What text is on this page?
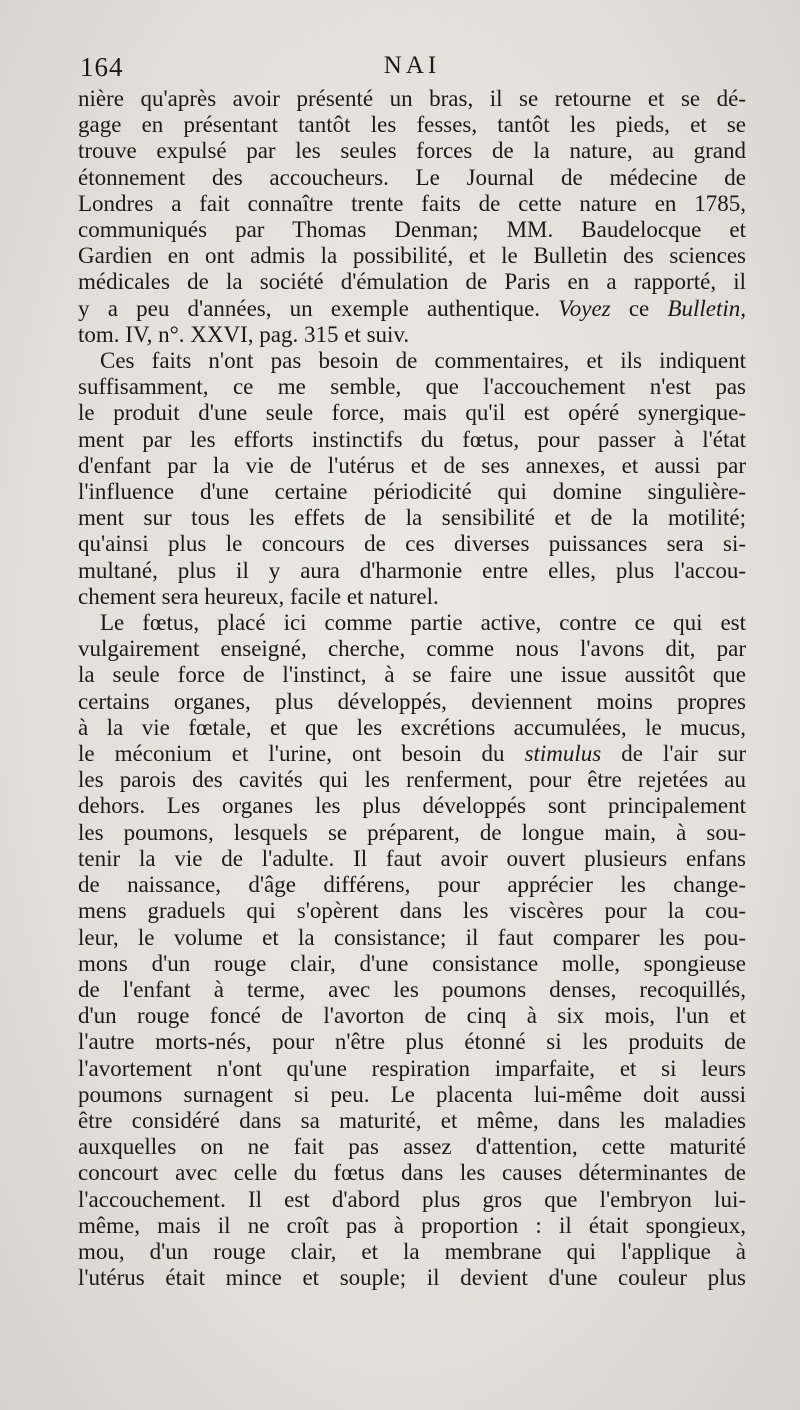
164	NAI

nière qu'après avoir présenté un bras, il se retourne et se dé-
gage en présentant tantôt les fesses, tantôt les pieds, et se
trouve expulsé par les seules forces de la nature, au grand
étonnement des accoucheurs. Le Journal de médecine de
Londres a fait connaître trente faits de cette nature en 1785,
communiqués par Thomas Denman; MM. Baudelocque et
Gardien en ont admis la possibilité, et le Bulletin des sciences
médicales de la société d'émulation de Paris en a rapporté, il
y a peu d'années, un exemple authentique. Voyez ce Bulletin,
tom. IV, n°. XXVI, pag. 315 et suiv.

Ces faits n'ont pas besoin de commentaires, et ils indiquent
suffisamment, ce me semble, que l'accouchement n'est pas
le produit d'une seule force, mais qu'il est opéré synergique-
ment par les efforts instinctifs du fœtus, pour passer à l'état
d'enfant par la vie de l'utérus et de ses annexes, et aussi par
l'influence d'une certaine périodicité qui domine singulière-
ment sur tous les effets de la sensibilité et de la motilité;
qu'ainsi plus le concours de ces diverses puissances sera si-
multané, plus il y aura d'harmonie entre elles, plus l'accou-
chement sera heureux, facile et naturel.

Le fœtus, placé ici comme partie active, contre ce qui est
vulgairement enseigné, cherche, comme nous l'avons dit, par
la seule force de l'instinct, à se faire une issue aussitôt que
certains organes, plus développés, deviennent moins propres
à la vie fœtale, et que les excrétions accumulées, le mucus,
le méconium et l'urine, ont besoin du stimulus de l'air sur
les parois des cavités qui les renferment, pour être rejetées au
dehors. Les organes les plus développés sont principalement
les poumons, lesquels se préparent, de longue main, à sou-
tenir la vie de l'adulte. Il faut avoir ouvert plusieurs enfans
de naissance, d'âge différens, pour apprécier les change-
mens graduels qui s'opèrent dans les viscères pour la cou-
leur, le volume et la consistance; il faut comparer les pou-
mons d'un rouge clair, d'une consistance molle, spongieuse
de l'enfant à terme, avec les poumons denses, recoquillés,
d'un rouge foncé de l'avorton de cinq à six mois, l'un et
l'autre morts-nés, pour n'être plus étonné si les produits de
l'avortement n'ont qu'une respiration imparfaite, et si leurs
poumons surnagent si peu. Le placenta lui-même doit aussi
être considéré dans sa maturité, et même, dans les maladies
auxquelles on ne fait pas assez d'attention, cette maturité
concourt avec celle du fœtus dans les causes déterminantes de
l'accouchement. Il est d'abord plus gros que l'embryon lui-
même, mais il ne croît pas à proportion : il était spongieux,
mou, d'un rouge clair, et la membrane qui l'applique à
l'utérus était mince et souple; il devient d'une couleur plus
